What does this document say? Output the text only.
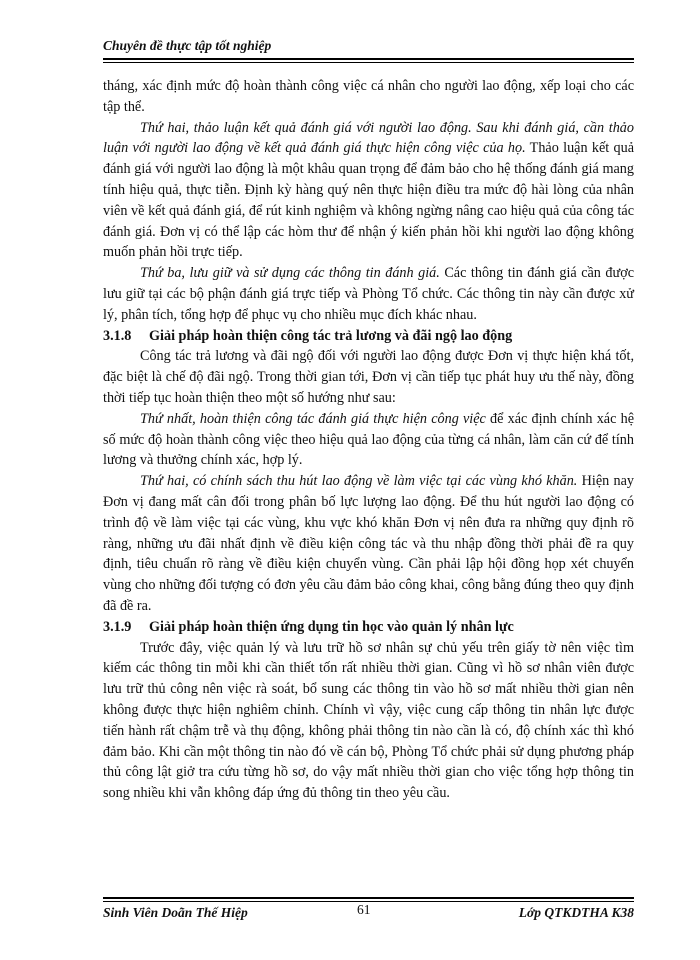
Chuyên đề thực tập tốt nghiệp

tháng, xác định mức độ hoàn thành công việc cá nhân cho người lao động, xếp loại cho các tập thể.

Thứ hai, thảo luận kết quả đánh giá với người lao động. Sau khi đánh giá, cần thảo luận với người lao động về kết quả đánh giá thực hiện công việc của họ. Thảo luận kết quả đánh giá với người lao động là một khâu quan trọng để đảm bảo cho hệ thống đánh giá mang tính hiệu quả, thực tiễn. Định kỳ hàng quý nên thực hiện điều tra mức độ hài lòng của nhân viên về kết quả đánh giá, để rút kinh nghiệm và không ngừng nâng cao hiệu quả của công tác đánh giá. Đơn vị có thể lập các hòm thư để nhận ý kiến phản hồi khi người lao động không muốn phản hồi trực tiếp.

Thứ ba, lưu giữ và sử dụng các thông tin đánh giá. Các thông tin đánh giá cần được lưu giữ tại các bộ phận đánh giá trực tiếp và Phòng Tổ chức. Các thông tin này cần được xử lý, phân tích, tổng hợp để phục vụ cho nhiều mục đích khác nhau.

3.1.8 Giải pháp hoàn thiện công tác trả lương và đãi ngộ lao động

Công tác trả lương và đãi ngộ đối với người lao động được Đơn vị thực hiện khá tốt, đặc biệt là chế độ đãi ngộ. Trong thời gian tới, Đơn vị cần tiếp tục phát huy ưu thế này, đồng thời tiếp tục hoàn thiện theo một số hướng như sau:

Thứ nhất, hoàn thiện công tác đánh giá thực hiện công việc để xác định chính xác hệ số mức độ hoàn thành công việc theo hiệu quả lao động của từng cá nhân, làm căn cứ để tính lương và thưởng chính xác, hợp lý.

Thứ hai, có chính sách thu hút lao động về làm việc tại các vùng khó khăn. Hiện nay Đơn vị đang mất cân đối trong phân bố lực lượng lao động. Để thu hút người lao động có trình độ về làm việc tại các vùng, khu vực khó khăn Đơn vị nên đưa ra những quy định rõ ràng, những ưu đãi nhất định về điều kiện công tác và thu nhập đồng thời phải đề ra quy định, tiêu chuẩn rõ ràng về điều kiện chuyển vùng. Cần phải lập hội đồng họp xét chuyển vùng cho những đối tượng có đơn yêu cầu đảm bảo công khai, công bằng đúng theo quy định đã đề ra.

3.1.9 Giải pháp hoàn thiện ứng dụng tin học vào quản lý nhân lực

Trước đây, việc quản lý và lưu trữ hồ sơ nhân sự chủ yếu trên giấy tờ nên việc tìm kiếm các thông tin mỗi khi cần thiết tốn rất nhiều thời gian. Cũng vì hồ sơ nhân viên được lưu trữ thủ công nên việc rà soát, bổ sung các thông tin vào hồ sơ mất nhiều thời gian nên không được thực hiện nghiêm chỉnh. Chính vì vậy, việc cung cấp thông tin nhân lực được tiến hành rất chậm trễ và thụ động, không phải thông tin nào cần là có, độ chính xác thì khó đảm bảo. Khi cần một thông tin nào đó về cán bộ, Phòng Tổ chức phải sử dụng phương pháp thủ công lật giở tra cứu từng hồ sơ, do vậy mất nhiều thời gian cho việc tổng hợp thông tin song nhiều khi vẫn không đáp ứng đủ thông tin theo yêu cầu.

Sinh Viên Doãn Thế Hiệp	61	Lớp QTKDTHA K38
